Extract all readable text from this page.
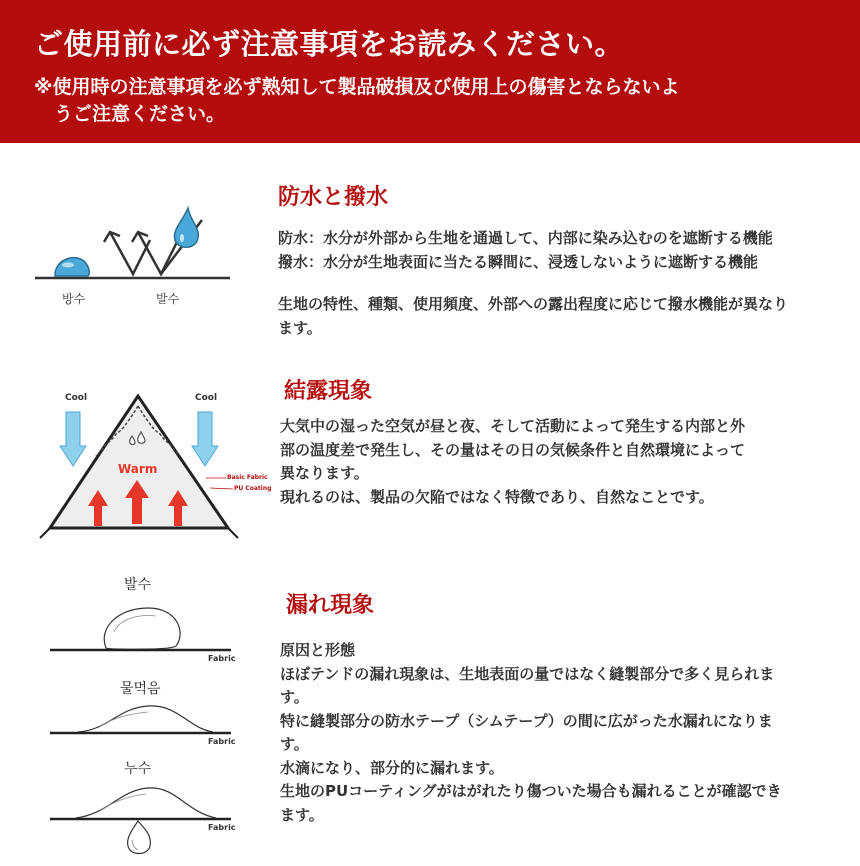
ご使用前に必ず注意事項をお読みください。
※使用時の注意事項を必ず熟知して製品破損及び使用上の傷害とならないよ
うご注意ください。
방수	발수
防水と撥水
防水：水分が外部から生地を通過して、内部に染み込むのを遮断する機能
撥水：水分が生地表面に当たる瞬間に、浸透しないように遮断する機能
生地の特性、種類、使用頻度、外部への露出程度に応じて撥水機能が異なり
ます。
Cool	Cool
Warm
Basic Fabric
PU Coating
結露現象
大気中の湿った空気が昼と夜、そして活動によって発生する内部と外
部の温度差で発生し、その量はその日の気候条件と自然環境によって
異なります。
現れるのは、製品の欠陥ではなく特徴であり、自然なことです。
발수
Fabric
물먹음
Fabric
누수
Fabric
漏れ現象
原因と形態
ほぼテンドの漏れ現象は、生地表面の量ではなく縫製部分で多く見られま
す。
特に縫製部分の防水テープ（シムテープ）の間に広がった水漏れになりま
す。
水滴になり、部分的に漏れます。
生地のPUコーティングがはがれたり傷ついた場合も漏れることが確認でき
ます。
